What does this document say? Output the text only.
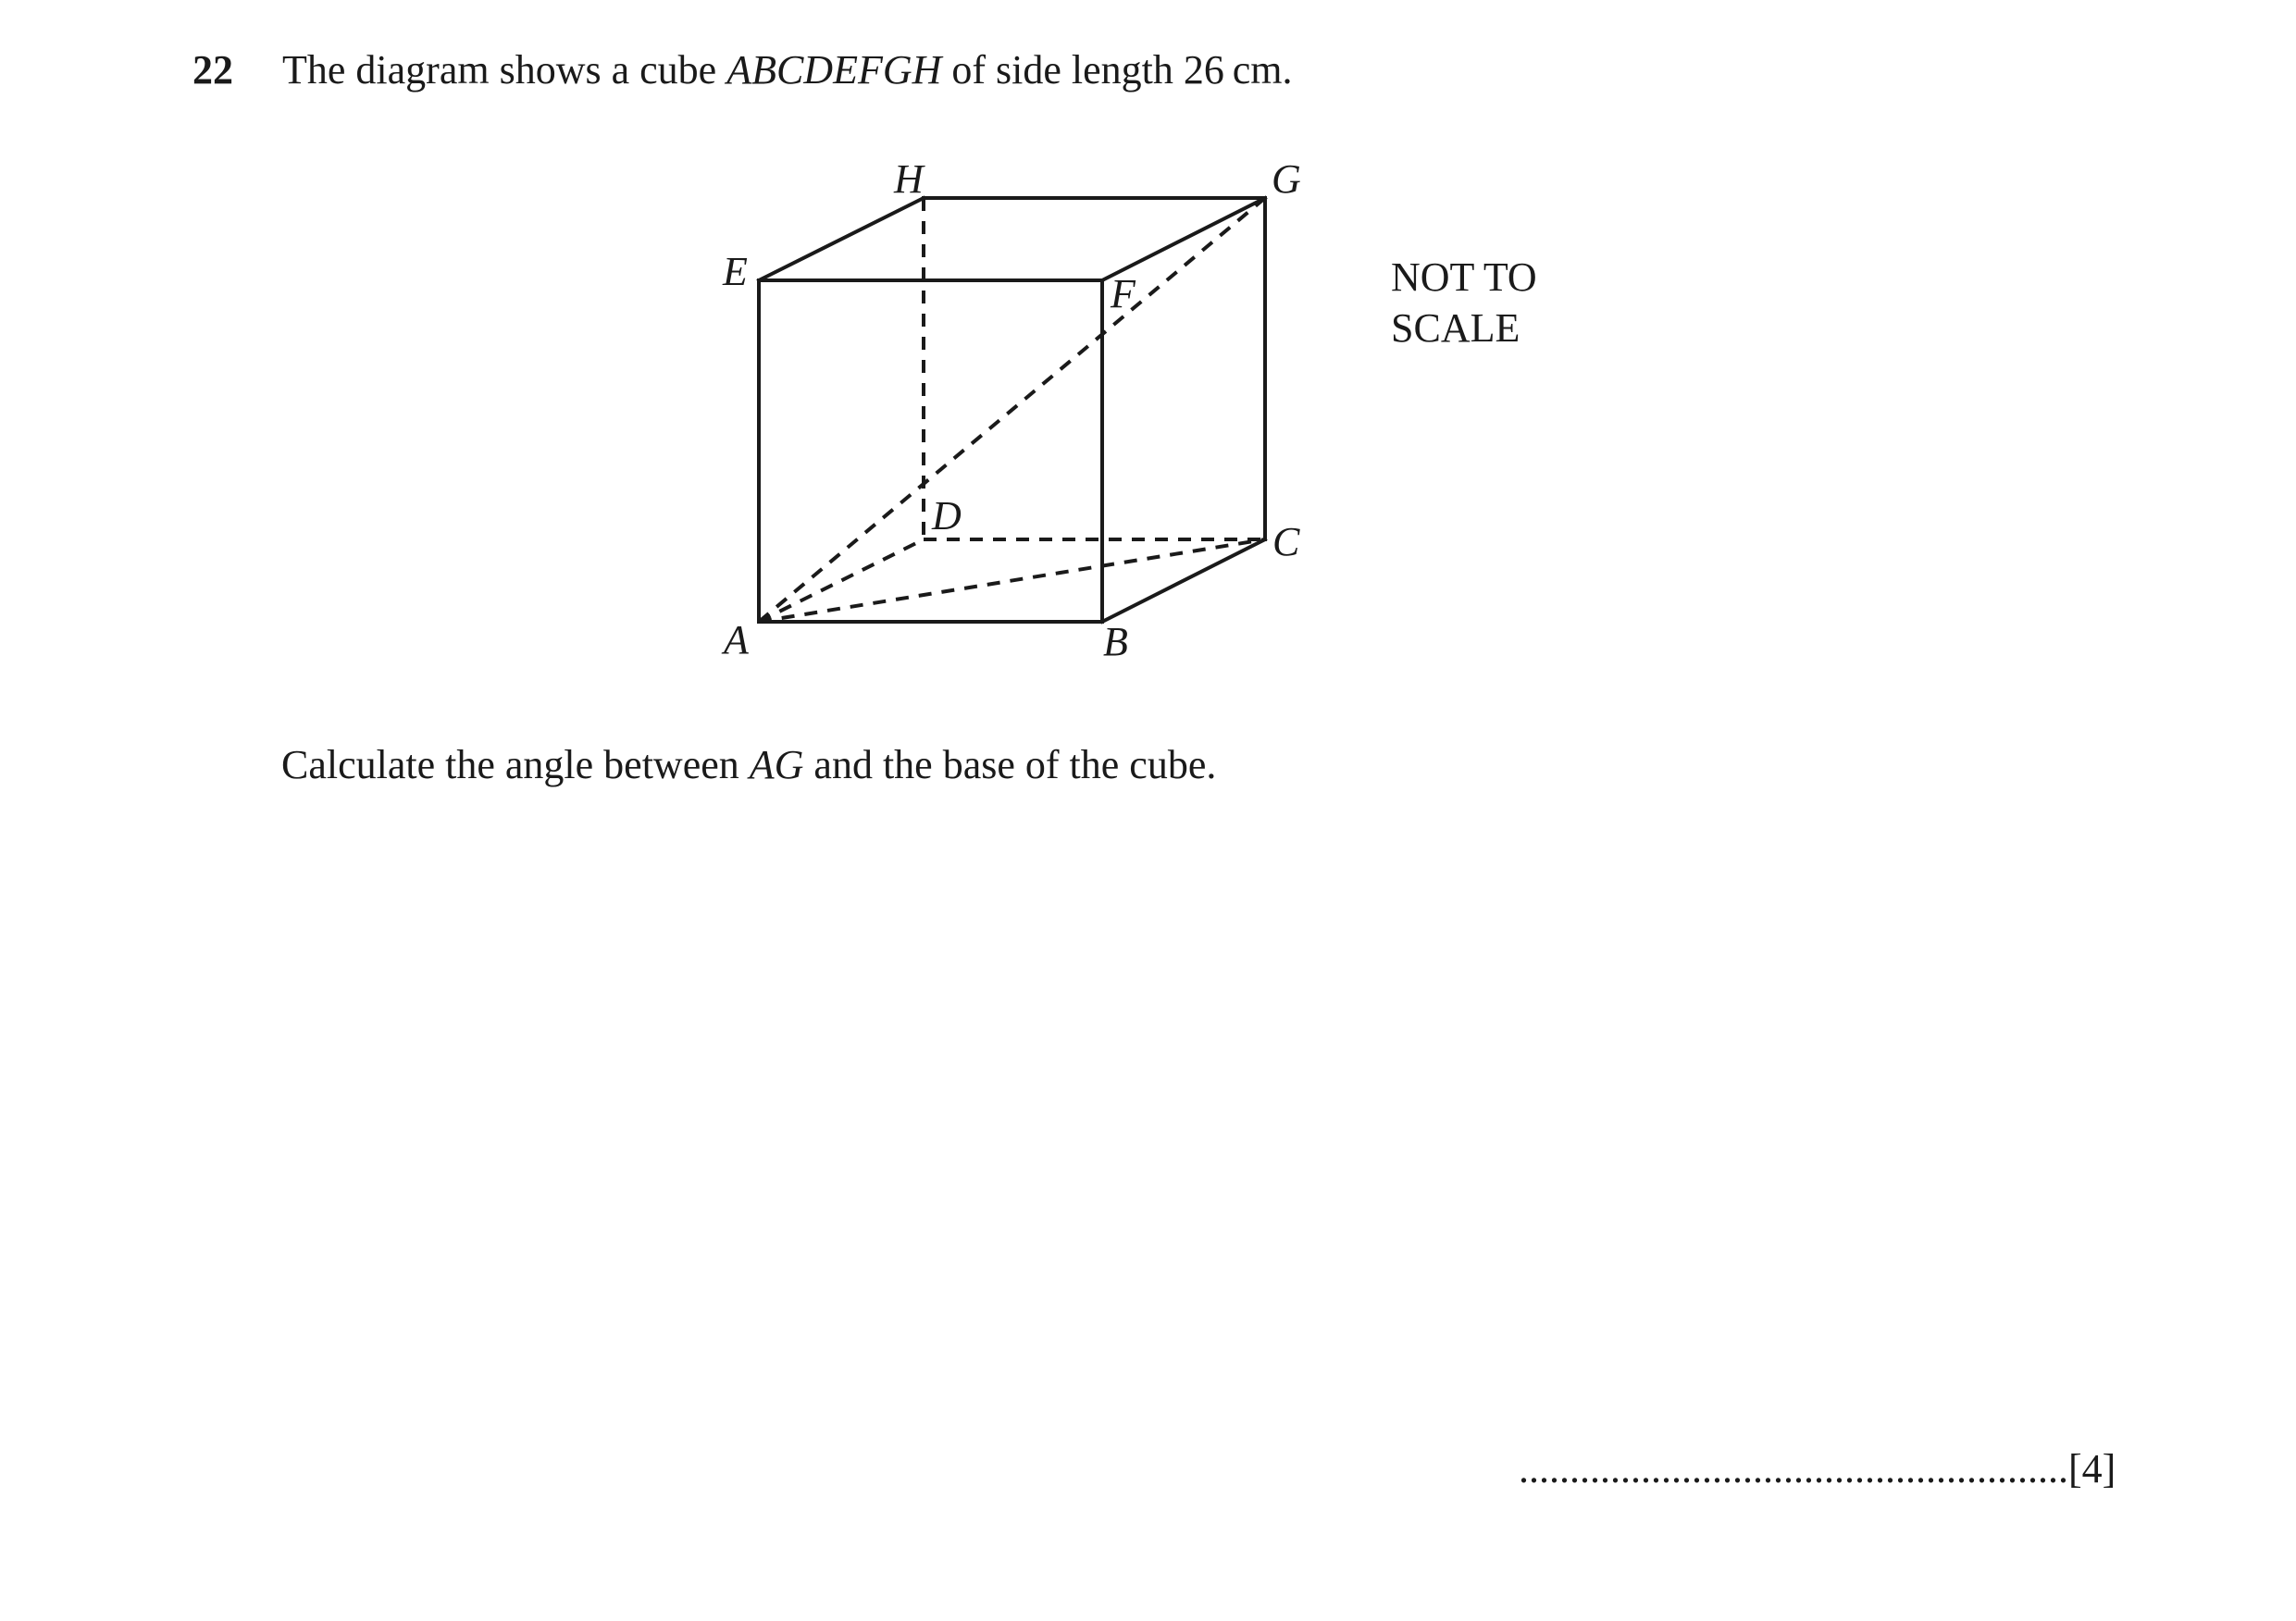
22 The diagram shows a cube ABCDEFGH of side length 26 cm.
A	B
C
D
E	F
G
H
NOT TO
SCALE
Calculate the angle between AG and the base of the cube.
......................................................[4]
